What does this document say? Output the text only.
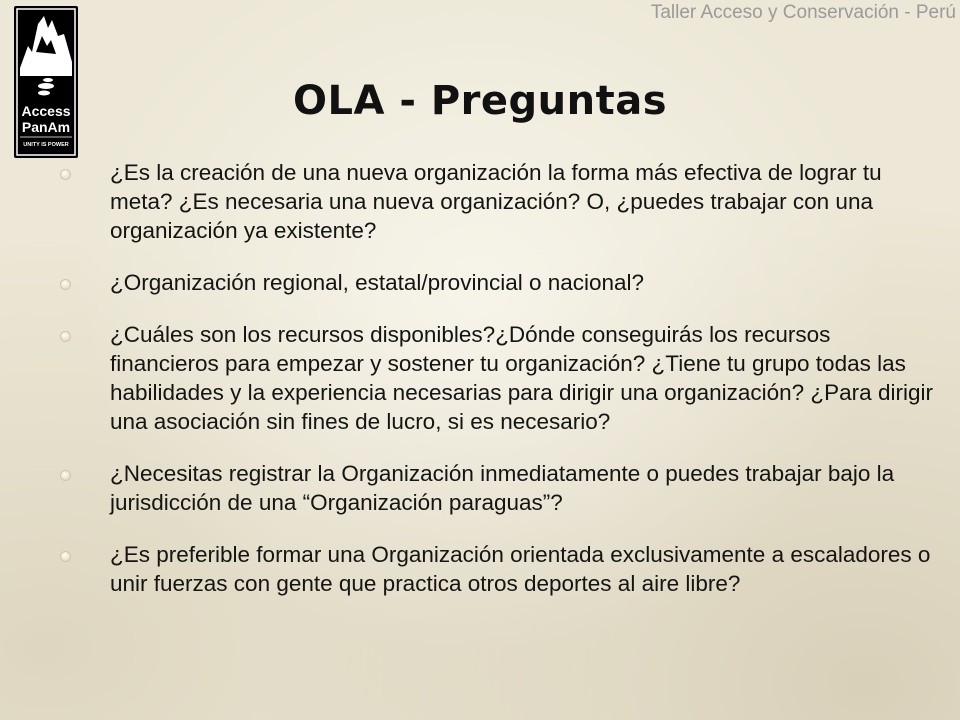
Taller Acceso y Conservación - Perú
Access
PanAm
UNITY IS POWER
OLA - Preguntas
¿Es la creación de una nueva organización la forma más efectiva de lograr tu meta? ¿Es necesaria una nueva organización? O, ¿puedes trabajar con una organización ya existente?
¿Organización regional, estatal/provincial o nacional?
¿Cuáles son los recursos disponibles?¿Dónde conseguirás los recursos financieros para empezar y sostener tu organización? ¿Tiene tu grupo todas las habilidades y la experiencia necesarias para dirigir una organización? ¿Para dirigir una asociación sin fines de lucro, si es necesario?
¿Necesitas registrar la Organización inmediatamente o puedes trabajar bajo la jurisdicción de una “Organización paraguas”?
¿Es preferible formar una Organización orientada exclusivamente a escaladores o unir fuerzas con gente que practica otros deportes al aire libre?
